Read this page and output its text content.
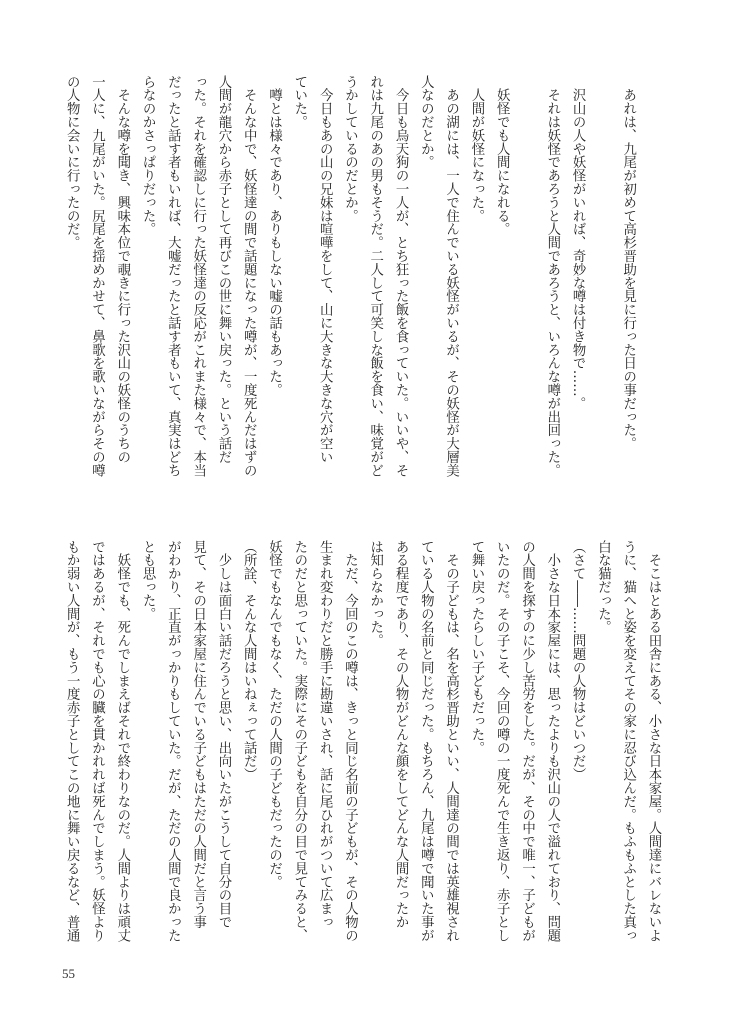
　あれは、九尾が初めて高杉晋助を見に行った日の事だった。

　沢山の人や妖怪がいれば、奇妙な噂は付き物で……。
　それは妖怪であろうと人間であろうと、いろんな噂が出回った。

　妖怪でも人間になれる。
　人間が妖怪になった。
　あの湖には、一人で住んでいる妖怪がいるが、その妖怪が大層美
人なのだとか。
　今日も烏天狗の一人が、とち狂った飯を食っていた。いいや、そ
れは九尾のあの男もそうだ。二人して可笑しな飯を食い、味覚がど
うかしているのだとか。
　今日もあの山の兄妹は喧嘩をして、山に大きな大きな穴が空い
ていた。
　噂とは様々であり、ありもしない嘘の話もあった。
　そんな中で、妖怪達の間で話題になった噂が、一度死んだはずの
人間が龍穴から赤子として再びこの世に舞い戻った。という話だ
った。それを確認しに行った妖怪達の反応がこれまた様々で、本当
だったと話す者もいれば、大嘘だったと話す者もいて、真実はどち
らなのかさっぱりだった。
　そんな噂を聞き、興味本位で覗きに行った沢山の妖怪のうちの
一人に、九尾がいた。尻尾を揺めかせて、鼻歌を歌いながらその噂
の人物に会いに行ったのだ。
　そこはとある田舎にある、小さな日本家屋。人間達にバレないよ
うに、猫へと姿を変えてその家に忍び込んだ。もふもふとした真っ
白な猫だった。
（さて――……問題の人物はどいつだ）
　小さな日本家屋には、思ったよりも沢山の人で溢れており、問題
の人間を探すのに少し苦労をした。だが、その中で唯一、子どもが
いたのだ。その子こそ、今回の噂の一度死んで生き返り、赤子とし
て舞い戻ったらしい子どもだった。
　その子どもは、名を高杉晋助といい、人間達の間では英雄視され
ている人物の名前と同じだった。もちろん、九尾は噂で聞いた事が
ある程度であり、その人物がどんな顔をしてどんな人間だったか
は知らなかった。
　ただ、今回のこの噂は、きっと同じ名前の子どもが、その人物の
生まれ変わりだと勝手に勘違いされ、話に尾ひれがついて広まっ
たのだと思っていた。実際にその子どもを自分の目で見てみると、
妖怪でもなんでもなく、ただの人間の子どもだったのだ。
（所詮、そんな人間はいねぇって話だ）
　少しは面白い話だろうと思い、出向いたがこうして自分の目で
見て、その日本家屋に住んでいる子どもはただの人間だと言う事
がわかり、正直がっかりもしていた。だが、ただの人間で良かった
とも思った。
　妖怪でも、死んでしまえばそれで終わりなのだ。人間よりは頑丈
ではあるが、それでも心の臓を貫かれれば死んでしまう。妖怪より
もか弱い人間が、もう一度赤子としてこの地に舞い戻るなど、普通
55
